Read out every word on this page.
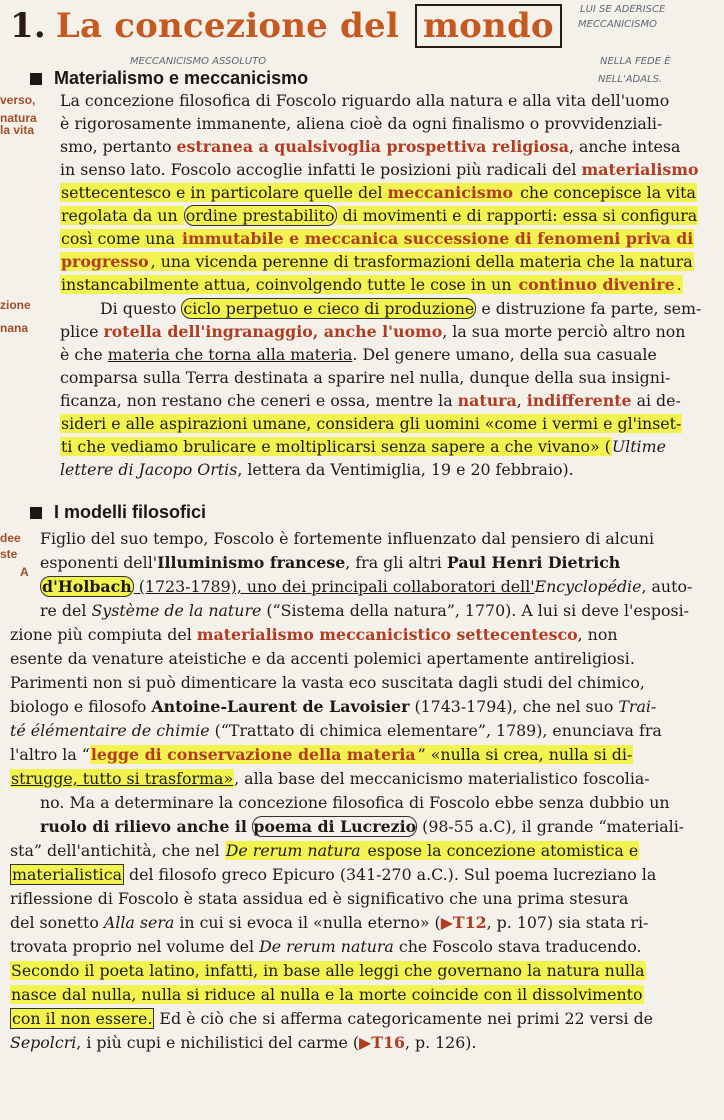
1. La concezione del mondo	LUI SE ADERISCE
MECCANICISMO
NELLA FEDE È
NELL'ADALS.
MECCANICISMO ASSOLUTO
Materialismo e meccanicismo
verso,
natura
la vita
zione
nana
La concezione filosofica di Foscolo riguardo alla natura e alla vita dell'uomo
è rigorosamente immanente, aliena cioè da ogni finalismo o provvidenziali-
smo, pertanto estranea a qualsivoglia prospettiva religiosa, anche intesa
in senso lato. Foscolo accoglie infatti le posizioni più radicali del materialismo
settecentesco e in particolare quelle del meccanicismo che concepisce la vita
regolata da un ordine prestabilito di movimenti e di rapporti: essa si configura
così come una immutabile e meccanica successione di fenomeni priva di
progresso , una vicenda perenne di trasformazioni della materia che la natura
instancabilmente attua, coinvolgendo tutte le cose in un continuo divenire .
Di questo ciclo perpetuo e cieco di produzione e distruzione fa parte, sem-
plice rotella dell'ingranaggio, anche l'uomo, la sua morte perciò altro non
è che materia che torna alla materia. Del genere umano, della sua casuale
comparsa sulla Terra destinata a sparire nel nulla, dunque della sua insigni-
ficanza, non restano che ceneri e ossa, mentre la natura, indifferente ai de-
sideri e alle aspirazioni umane, considera gli uomini «come i vermi e gl'inset-
ti che vediamo brulicare e moltiplicarsi senza sapere a che vivano» (Ultime
lettere di Jacopo Ortis, lettera da Ventimiglia, 19 e 20 febbraio).
I modelli filosofici
dee
ste
A
Figlio del suo tempo, Foscolo è fortemente influenzato dal pensiero di alcuni
esponenti dell'Illuminismo francese, fra gli altri Paul Henri Dietrich
d'Holbach (1723-1789), uno dei principali collaboratori dell'Encyclopédie, auto-
re del Système de la nature (“Sistema della natura”, 1770). A lui si deve l'esposi-
zione più compiuta del materialismo meccanicistico settecentesco, non
esente da venature ateistiche e da accenti polemici apertamente antireligiosi.
Parimenti non si può dimenticare la vasta eco suscitata dagli studi del chimico,
biologo e filosofo Antoine-Laurent de Lavoisier (1743-1794), che nel suo Trai-
té élémentaire de chimie (“Trattato di chimica elementare”, 1789), enunciava fra
l'altro la “legge di conservazione della materia ” «nulla si crea, nulla si di-
strugge, tutto si trasforma», alla base del meccanicismo materialistico foscolia-
no. Ma a determinare la concezione filosofica di Foscolo ebbe senza dubbio un
ruolo di rilievo anche il poema di Lucrezio (98-55 a.C), il grande “materiali-
sta” dell'antichità, che nel De rerum natura espose la concezione atomistica e
materialistica del filosofo greco Epicuro (341-270 a.C.). Sul poema lucreziano la
riflessione di Foscolo è stata assidua ed è significativo che una prima stesura
del sonetto Alla sera in cui si evoca il «nulla eterno» (▶T12, p. 107) sia stata ri-
trovata proprio nel volume del De rerum natura che Foscolo stava traducendo.
Secondo il poeta latino, infatti, in base alle leggi che governano la natura nulla
nasce dal nulla, nulla si riduce al nulla e la morte coincide con il dissolvimento
con il non essere. Ed è ciò che si afferma categoricamente nei primi 22 versi de
Sepolcri, i più cupi e nichilistici del carme (▶T16, p. 126).
